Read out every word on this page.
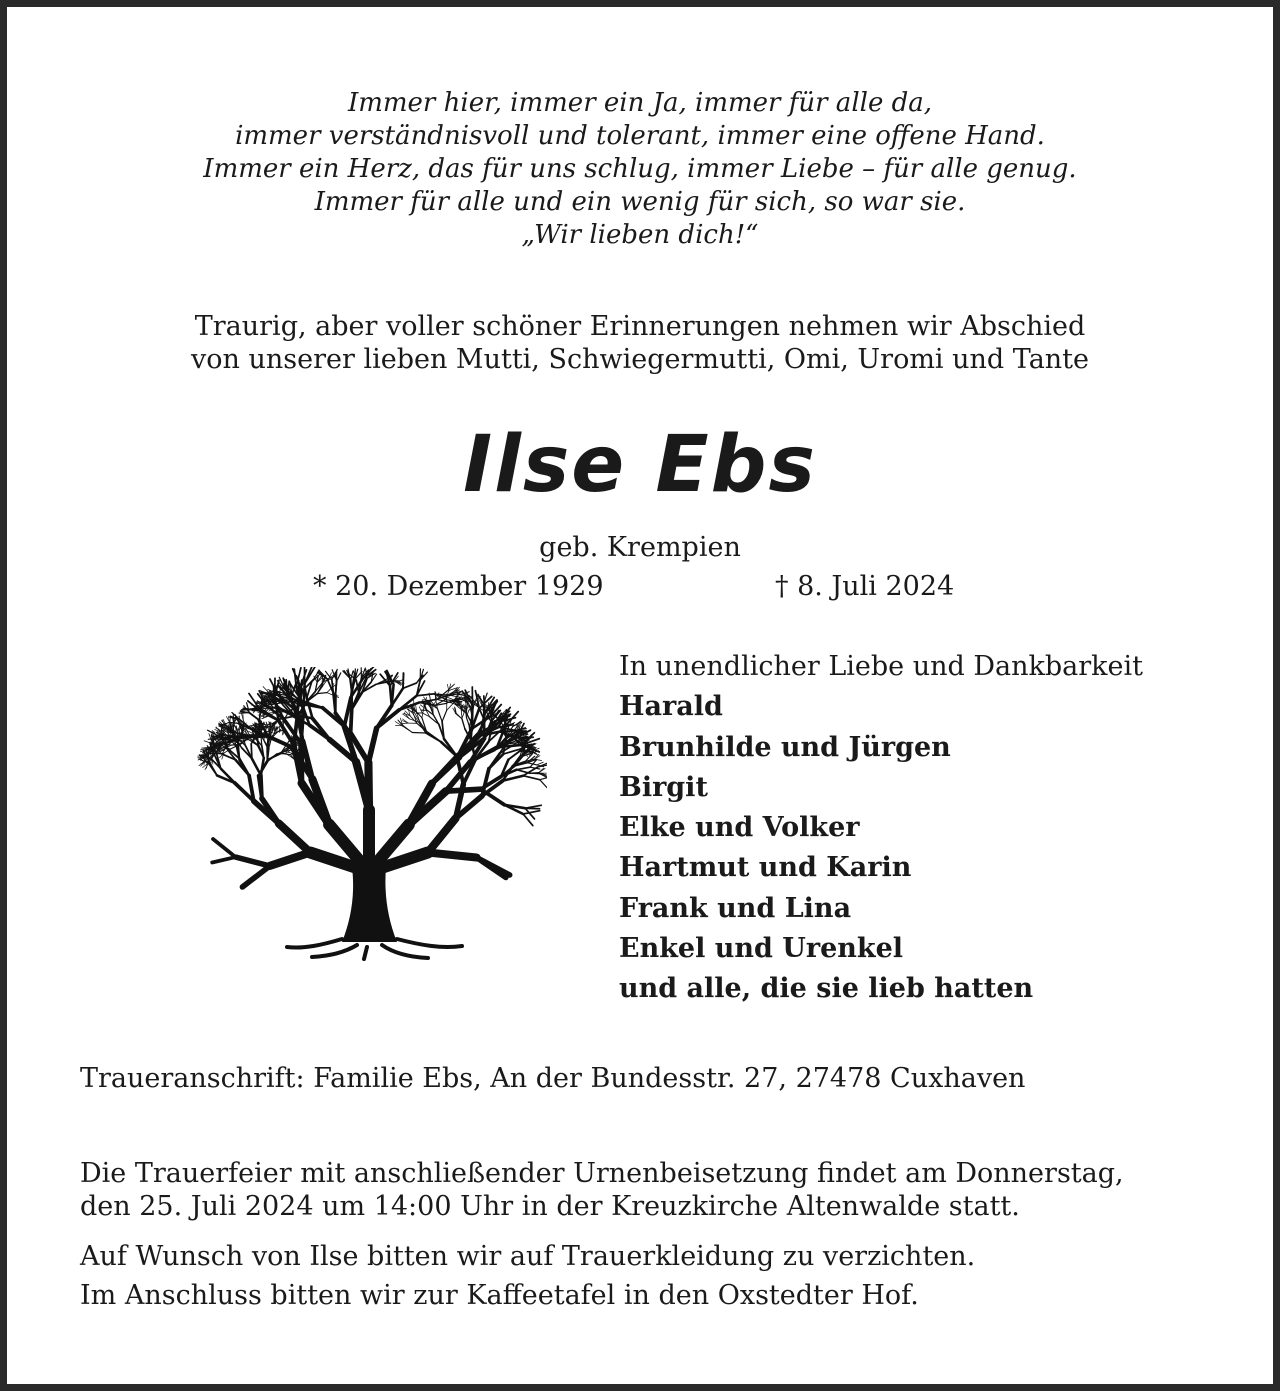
Immer hier, immer ein Ja, immer für alle da,
immer verständnisvoll und tolerant, immer eine offene Hand.
Immer ein Herz, das für uns schlug, immer Liebe – für alle genug.
Immer für alle und ein wenig für sich, so war sie.
„Wir lieben dich!“
Traurig, aber voller schöner Erinnerungen nehmen wir Abschied
von unserer lieben Mutti, Schwiegermutti, Omi, Uromi und Tante
Ilse Ebs
geb. Krempien
* 20. Dezember 1929	† 8. Juli 2024
In unendlicher Liebe und Dankbarkeit
Harald
Brunhilde und Jürgen
Birgit
Elke und Volker
Hartmut und Karin
Frank und Lina
Enkel und Urenkel
und alle, die sie lieb hatten
Traueranschrift: Familie Ebs, An der Bundesstr. 27, 27478 Cuxhaven
Die Trauerfeier mit anschließender Urnenbeisetzung findet am Donnerstag,
den 25. Juli 2024 um 14:00 Uhr in der Kreuzkirche Altenwalde statt.
Auf Wunsch von Ilse bitten wir auf Trauerkleidung zu verzichten.
Im Anschluss bitten wir zur Kaffeetafel in den Oxstedter Hof.
